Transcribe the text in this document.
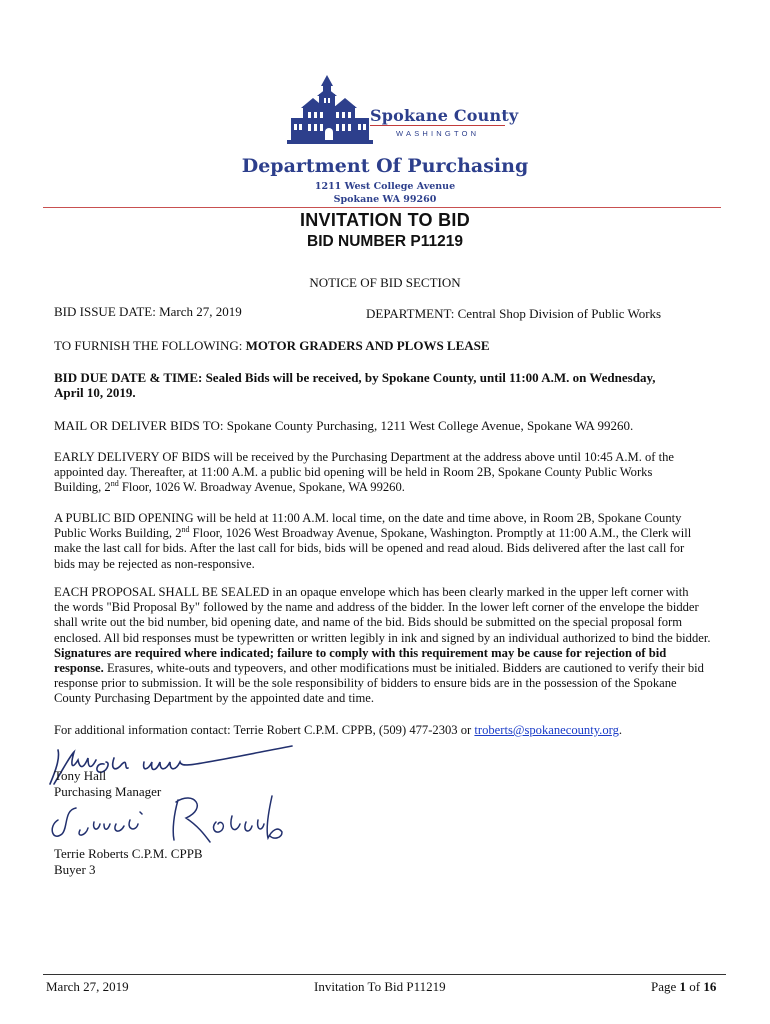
Spokane County
WASHINGTON
Department Of Purchasing
1211 West College Avenue
Spokane WA 99260
INVITATION TO BID
BID NUMBER P11219
NOTICE OF BID SECTION
BID ISSUE DATE: March 27, 2019	DEPARTMENT: Central Shop Division of Public Works
TO FURNISH THE FOLLOWING: MOTOR GRADERS AND PLOWS LEASE
BID DUE DATE & TIME: Sealed Bids will be received, by Spokane County, until 11:00 A.M. on Wednesday,
April 10, 2019.
MAIL OR DELIVER BIDS TO: Spokane County Purchasing, 1211 West College Avenue, Spokane WA 99260.
EARLY DELIVERY OF BIDS will be received by the Purchasing Department at the address above until 10:45 A.M. of the
appointed day. Thereafter, at 11:00 A.M. a public bid opening will be held in Room 2B, Spokane County Public Works
Building, 2nd Floor, 1026 W. Broadway Avenue, Spokane, WA 99260.
A PUBLIC BID OPENING will be held at 11:00 A.M. local time, on the date and time above, in Room 2B, Spokane County
Public Works Building, 2nd Floor, 1026 West Broadway Avenue, Spokane, Washington. Promptly at 11:00 A.M., the Clerk will
make the last call for bids. After the last call for bids, bids will be opened and read aloud. Bids delivered after the last call for
bids may be rejected as non-responsive.
EACH PROPOSAL SHALL BE SEALED in an opaque envelope which has been clearly marked in the upper left corner with
the words "Bid Proposal By" followed by the name and address of the bidder. In the lower left corner of the envelope the bidder
shall write out the bid number, bid opening date, and name of the bid. Bids should be submitted on the special proposal form
enclosed. All bid responses must be typewritten or written legibly in ink and signed by an individual authorized to bind the bidder.
Signatures are required where indicated; failure to comply with this requirement may be cause for rejection of bid
response. Erasures, white-outs and typeovers, and other modifications must be initialed. Bidders are cautioned to verify their bid
response prior to submission. It will be the sole responsibility of bidders to ensure bids are in the possession of the Spokane
County Purchasing Department by the appointed date and time.
For additional information contact: Terrie Robert C.P.M. CPPB, (509) 477-2303 or troberts@spokanecounty.org.
Tony Hall
Purchasing Manager
Terrie Roberts C.P.M. CPPB
Buyer 3
March 27, 2019	Invitation To Bid P11219	Page 1 of 16
